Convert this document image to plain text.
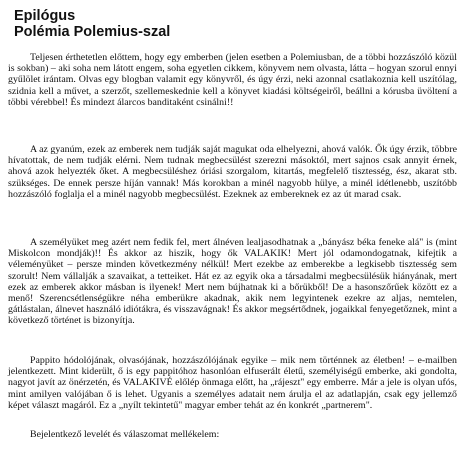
Epilógus

Polémia Polemius-szal

Teljesen érthetetlen előttem, hogy egy emberben (jelen esetben a Polemiusban, de a többi hozzászóló közül is sokban) – aki soha nem látott engem, soha egyetlen cikkem, könyvem nem olvasta, látta – hogyan szorul ennyi gyűlölet irántam. Olvas egy blogban valamit egy könyvről, és úgy érzi, neki azonnal csatlakoznia kell uszítólag, szidnia kell a művet, a szerzőt, szellemeskednie kell a könyvet kiadási költségeiről, beállni a kórusba üvöltení a többi vérebbel! És mindezt álarcos banditaként csinálni!!

A az gyanúm, ezek az emberek nem tudják saját magukat oda elhelyezni, ahová valók. Ők úgy érzik, többre hívatottak, de nem tudják elérni. Nem tudnak megbecsülést szerezni másoktól, mert sajnos csak annyit érnek, ahová azok helyezték őket. A megbecsüléshez óriási szorgalom, kitartás, megfelelő tisztesség, ész, akarat stb. szükséges. De ennek persze híján vannak! Más korokban a minél nagyobb hülye, a minél idétlenebb, uszítóbb hozzászóló foglalja el a minél nagyobb megbecsülést. Ezeknek az embereknek ez az út marad csak.

A személyüket meg azért nem fedik fel, mert álnéven lealjasodhatnak a „bányász béka feneke alá" is (mint Miskolcon mondják)!! És akkor az hiszik, hogy ők VALAKIK! Mert jól odamondogatnak, kifejtik a véleményüket – persze minden következmény nélkül! Mert ezekbe az emberekbe a legkisebb tisztesség sem szorult! Nem vállalják a szavaikat, a tetteiket. Hát ez az egyik oka a társadalmi megbecsülésük hiányának, mert ezek az emberek akkor másban is ilyenek! Mert nem bújhatnak ki a bőrükből! De a hasonszőrűek között ez a menő! Szerencsétlenségükre néha emberükre akadnak, akik nem legyintenek ezekre az aljas, nemtelen, gátlástalan, álnevet használó idiótákra, és visszavágnak! És akkor megsértődnek, jogaikkal fenyegetőznek, mint a következő történet is bizonyítja.

Pappito hódolójának, olvasójának, hozzászólójának egyike – mik nem történnek az életben! – e-mailben jelentkezett. Mint kiderült, ő is egy pappitóhoz hasonlóan elfuserált életű, személyiségű emberke, aki gondolta, nagyot javít az önérzetén, és VALAKIVÉ előlép önmaga előtt, ha „rájeszt" egy emberre. Már a jele is olyan ufós, mint amilyen valójában ő is lehet. Ugyanis a személyes adatait nem árulja el az adatlapján, csak egy jellemző képet választ magáról. Ez a „nyílt tekintetű" magyar ember tehát az én konkrét „partnerem".

Bejelentkező levelét és válaszomat mellékelem:
